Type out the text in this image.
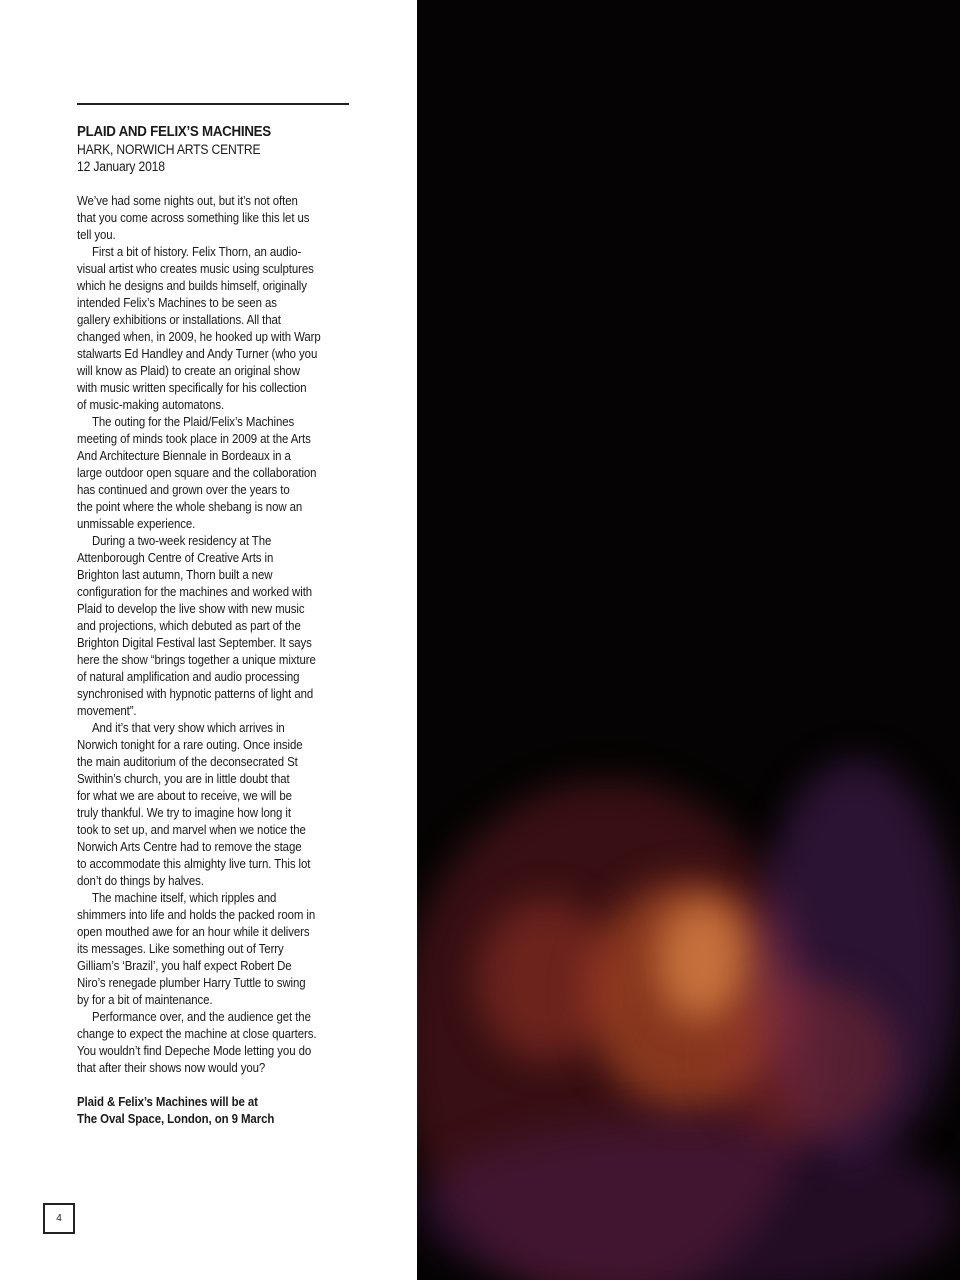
PLAID AND FELIX’S MACHINES
HARK, NORWICH ARTS CENTRE
12 January 2018
We’ve had some nights out, but it’s not often
that you come across something like this let us
tell you.
First a bit of history. Felix Thorn, an audio-
visual artist who creates music using sculptures
which he designs and builds himself, originally
intended Felix’s Machines to be seen as
gallery exhibitions or installations. All that
changed when, in 2009, he hooked up with Warp
stalwarts Ed Handley and Andy Turner (who you
will know as Plaid) to create an original show
with music written specifically for his collection
of music-making automatons.
The outing for the Plaid/Felix’s Machines
meeting of minds took place in 2009 at the Arts
And Architecture Biennale in Bordeaux in a
large outdoor open square and the collaboration
has continued and grown over the years to
the point where the whole shebang is now an
unmissable experience.
During a two-week residency at The
Attenborough Centre of Creative Arts in
Brighton last autumn, Thorn built a new
configuration for the machines and worked with
Plaid to develop the live show with new music
and projections, which debuted as part of the
Brighton Digital Festival last September. It says
here the show “brings together a unique mixture
of natural amplification and audio processing
synchronised with hypnotic patterns of light and
movement”.
And it’s that very show which arrives in
Norwich tonight for a rare outing. Once inside
the main auditorium of the deconsecrated St
Swithin’s church, you are in little doubt that
for what we are about to receive, we will be
truly thankful. We try to imagine how long it
took to set up, and marvel when we notice the
Norwich Arts Centre had to remove the stage
to accommodate this almighty live turn. This lot
don’t do things by halves.
The machine itself, which ripples and
shimmers into life and holds the packed room in
open mouthed awe for an hour while it delivers
its messages. Like something out of Terry
Gilliam’s ‘Brazil’, you half expect Robert De
Niro’s renegade plumber Harry Tuttle to swing
by for a bit of maintenance.
Performance over, and the audience get the
change to expect the machine at close quarters.
You wouldn’t find Depeche Mode letting you do
that after their shows now would you?
Plaid & Felix’s Machines will be at
The Oval Space, London, on 9 March
4
